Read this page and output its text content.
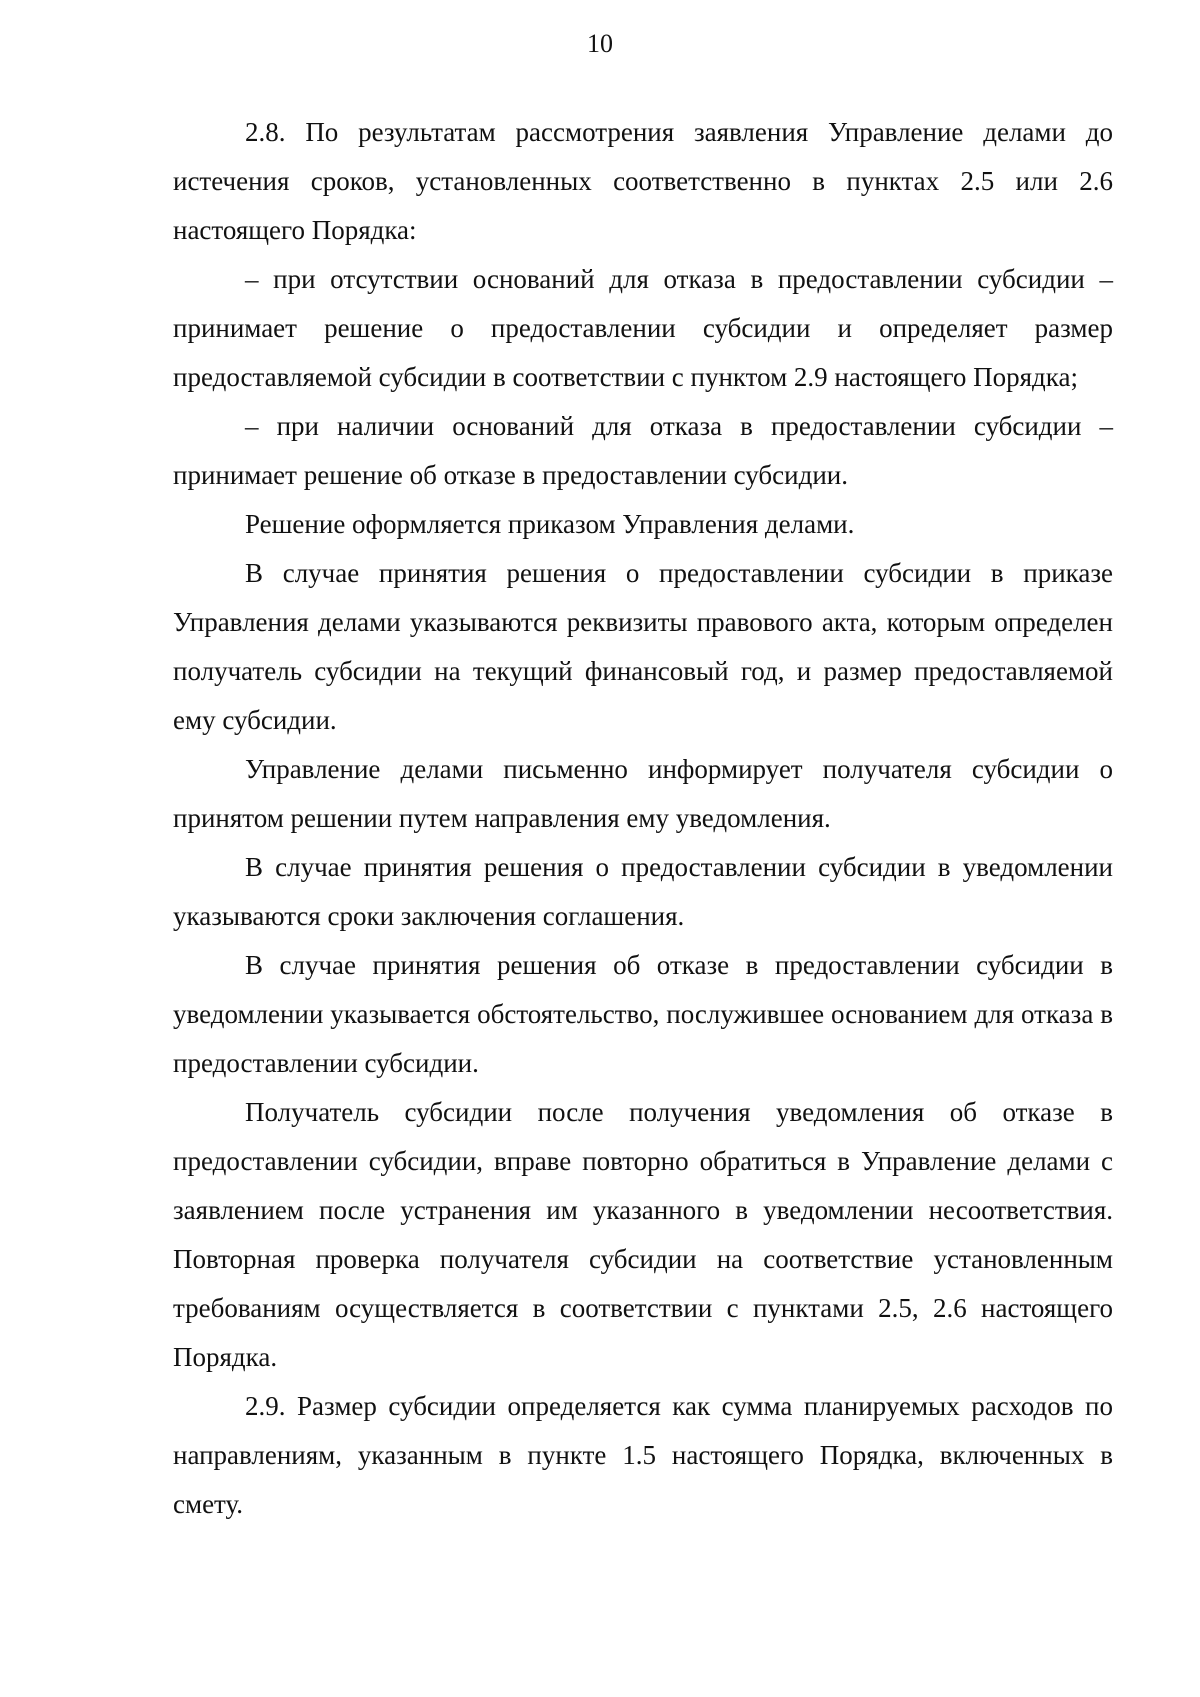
10

2.8. По результатам рассмотрения заявления Управление делами до истечения сроков, установленных соответственно в пунктах 2.5 или 2.6 настоящего Порядка:

– при отсутствии оснований для отказа в предоставлении субсидии – принимает решение о предоставлении субсидии и определяет размер предоставляемой субсидии в соответствии с пунктом 2.9 настоящего Порядка;

– при наличии оснований для отказа в предоставлении субсидии – принимает решение об отказе в предоставлении субсидии.

Решение оформляется приказом Управления делами.

В случае принятия решения о предоставлении субсидии в приказе Управления делами указываются реквизиты правового акта, которым определен получатель субсидии на текущий финансовый год, и размер предоставляемой ему субсидии.

Управление делами письменно информирует получателя субсидии о принятом решении путем направления ему уведомления.

В случае принятия решения о предоставлении субсидии в уведомлении указываются сроки заключения соглашения.

В случае принятия решения об отказе в предоставлении субсидии в уведомлении указывается обстоятельство, послужившее основанием для отказа в предоставлении субсидии.

Получатель субсидии после получения уведомления об отказе в предоставлении субсидии, вправе повторно обратиться в Управление делами с заявлением после устранения им указанного в уведомлении несоответствия. Повторная проверка получателя субсидии на соответствие установленным требованиям осуществляется в соответствии с пунктами 2.5, 2.6 настоящего Порядка.

2.9. Размер субсидии определяется как сумма планируемых расходов по направлениям, указанным в пункте 1.5 настоящего Порядка, включенных в смету.
